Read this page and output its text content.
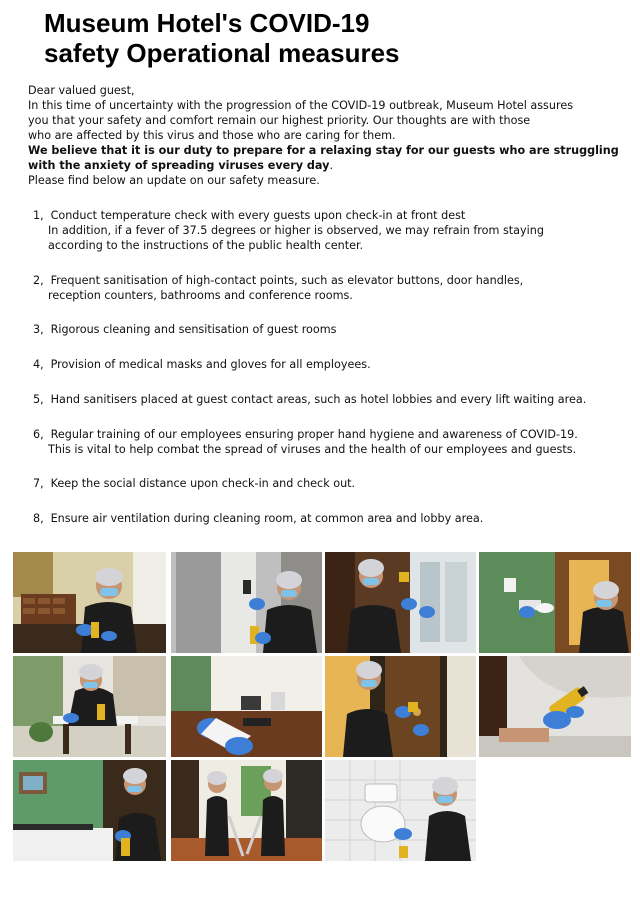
Museum Hotel's COVID-19
safety Operational measures

Dear valued guest,

In this time of uncertainty with the progression of the COVID-19 outbreak, Museum Hotel assures

you that your safety and comfort remain our highest priority. Our thoughts are with those

who are affected by this virus and those who are caring for them.

We believe that it is our duty to prepare for a relaxing stay for our guests who are struggling

with the anxiety of spreading viruses every day.

Please find below an update on our safety measure.

1, Conduct temperature check with every guests upon check-in at front dest
In addition, if a fever of 37.5 degrees or higher is observed, we may refrain from staying
according to the instructions of the public health center.
2, Frequent sanitisation of high-contact points, such as elevator buttons, door handles,
reception counters, bathrooms and conference rooms.
3, Rigorous cleaning and sensitisation of guest rooms
4, Provision of medical masks and gloves for all employees.
5, Hand sanitisers placed at guest contact areas, such as hotel lobbies and every lift waiting area.
6, Regular training of our employees ensuring proper hand hygiene and awareness of COVID-19.
This is vital to help combat the spread of viruses and the health of our employees and guests.
7, Keep the social distance upon check-in and check out.
8, Ensure air ventilation during cleaning room, at common area and lobby area.
